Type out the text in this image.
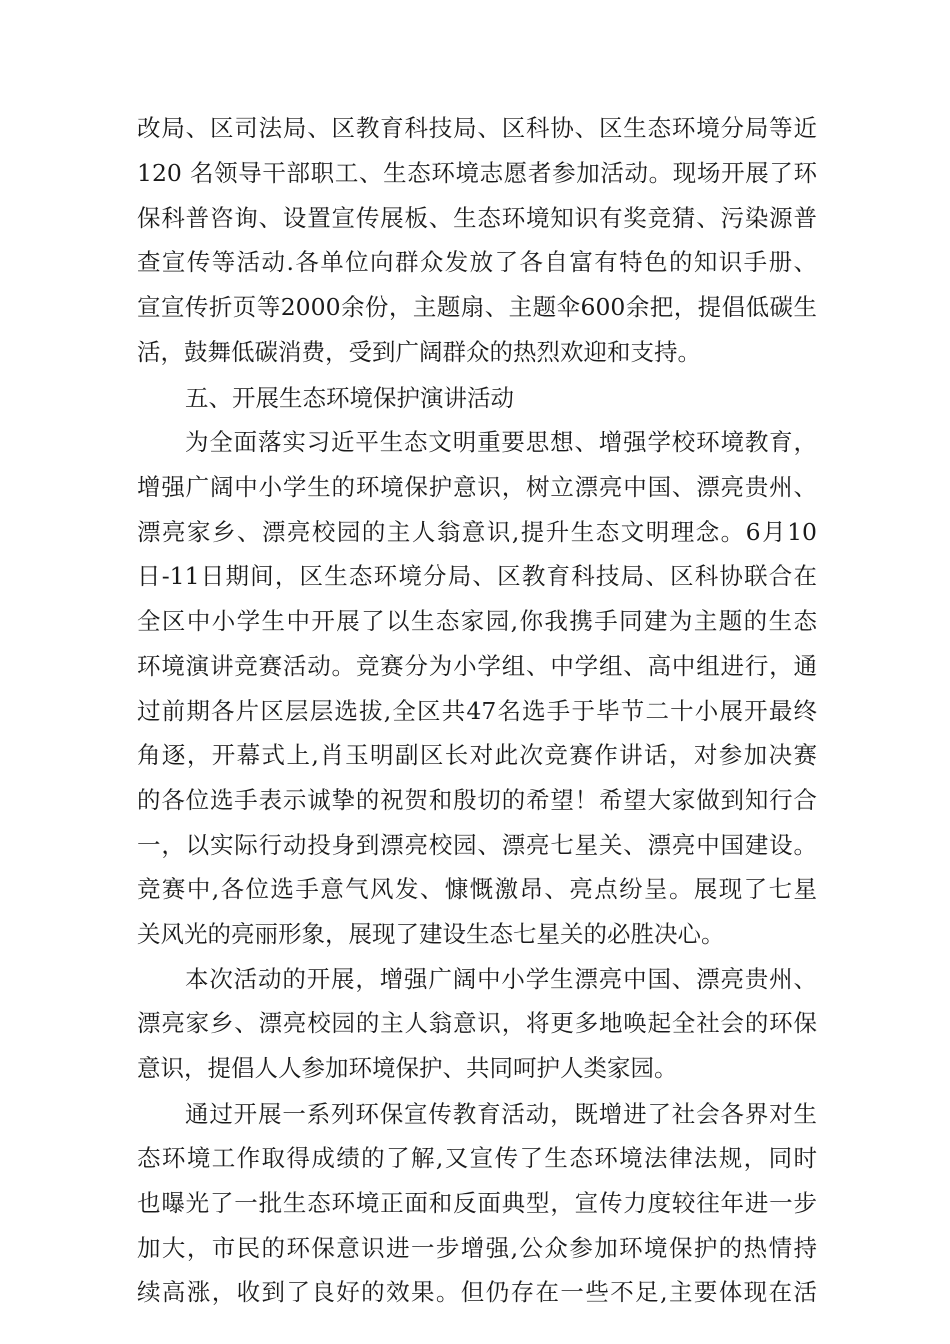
改局、区司法局、区教育科技局、区科协、区生态环境分局等近
120 名领导干部职工、生态环境志愿者参加活动。现场开展了环
保科普咨询、设置宣传展板、生态环境知识有奖竞猜、污染源普
查宣传等活动.各单位向群众发放了各自富有特色的知识手册、
宣宣传折页等2000余份，主题扇、主题伞600余把，提倡低碳生
活，鼓舞低碳消费，受到广阔群众的热烈欢迎和支持。
五、开展生态环境保护演讲活动
为全面落实习近平生态文明重要思想、增强学校环境教育，
增强广阔中小学生的环境保护意识，树立漂亮中国、漂亮贵州、
漂亮家乡、漂亮校园的主人翁意识,提升生态文明理念。6月10
日-11日期间，区生态环境分局、区教育科技局、区科协联合在
全区中小学生中开展了以生态家园,你我携手同建为主题的生态
环境演讲竞赛活动。竞赛分为小学组、中学组、高中组进行，通
过前期各片区层层选拔,全区共47名选手于毕节二十小展开最终
角逐，开幕式上,肖玉明副区长对此次竞赛作讲话，对参加决赛
的各位选手表示诚挚的祝贺和殷切的希望！希望大家做到知行合
一，以实际行动投身到漂亮校园、漂亮七星关、漂亮中国建设。
竞赛中,各位选手意气风发、慷慨激昂、亮点纷呈。展现了七星
关风光的亮丽形象，展现了建设生态七星关的必胜决心。
本次活动的开展，增强广阔中小学生漂亮中国、漂亮贵州、
漂亮家乡、漂亮校园的主人翁意识，将更多地唤起全社会的环保
意识，提倡人人参加环境保护、共同呵护人类家园。
通过开展一系列环保宣传教育活动，既增进了社会各界对生
态环境工作取得成绩的了解,又宣传了生态环境法律法规，同时
也曝光了一批生态环境正面和反面典型，宣传力度较往年进一步
加大，市民的环保意识进一步增强,公众参加环境保护的热情持
续高涨，收到了良好的效果。但仍存在一些不足,主要体现在活
